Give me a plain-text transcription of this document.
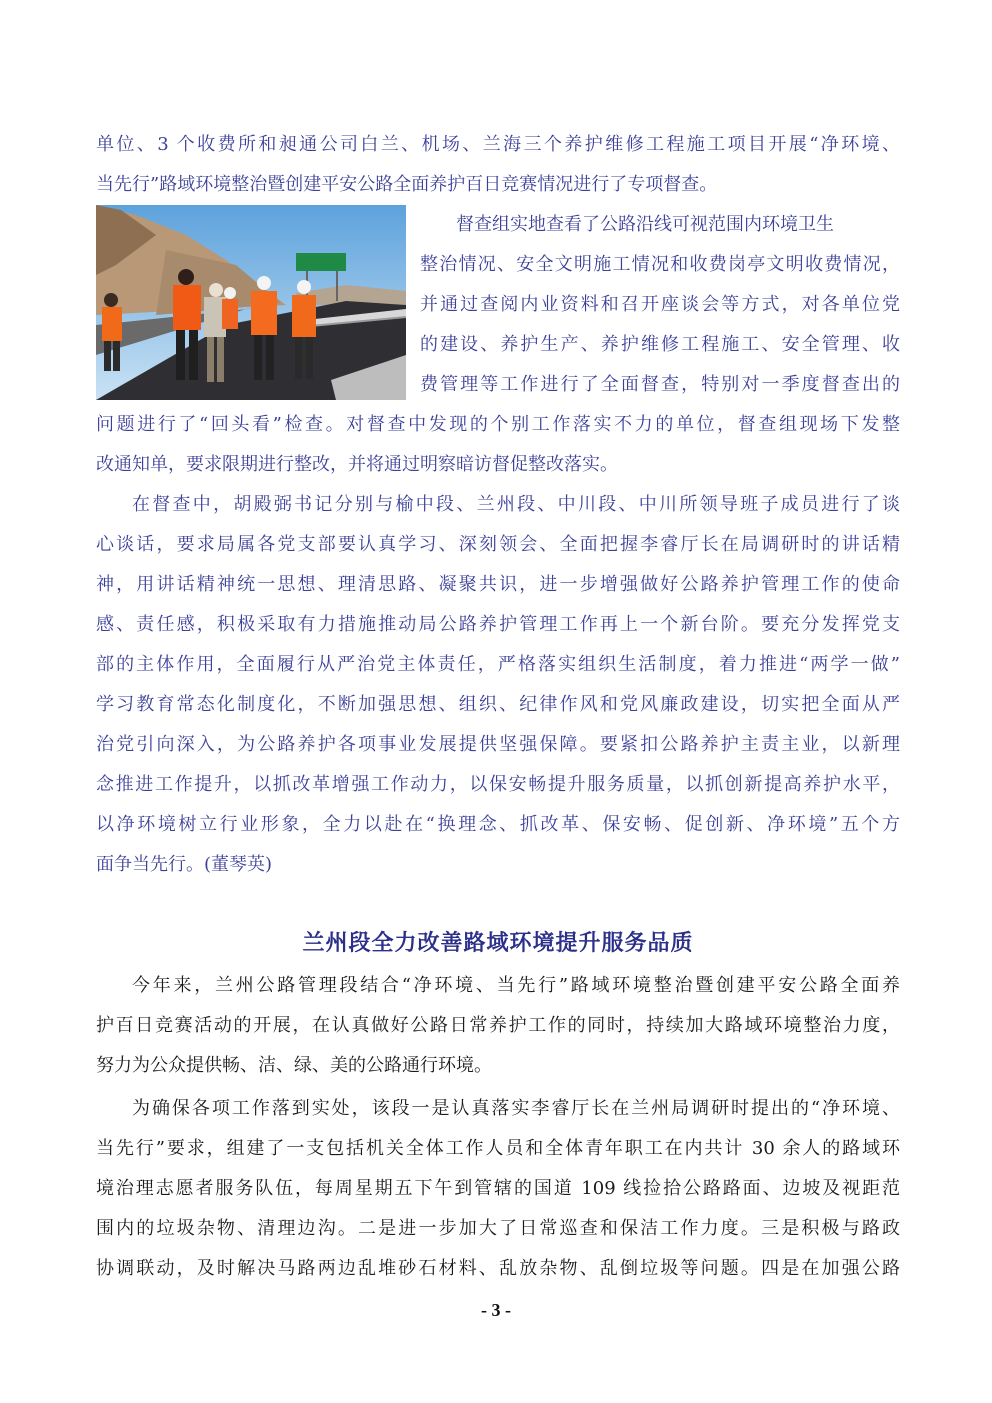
单位、3 个收费所和昶通公司白兰、机场、兰海三个养护维修工程施工项目开展“净环境、
当先行”路域环境整治暨创建平安公路全面养护百日竞赛情况进行了专项督查。
督查组实地查看了公路沿线可视范围内环境卫生
整治情况、安全文明施工情况和收费岗亭文明收费情况，
并通过查阅内业资料和召开座谈会等方式，对各单位党
的建设、养护生产、养护维修工程施工、安全管理、收
费管理等工作进行了全面督查，特别对一季度督查出的
问题进行了“回头看”检查。对督查中发现的个别工作落实不力的单位，督查组现场下发整
改通知单，要求限期进行整改，并将通过明察暗访督促整改落实。
在督查中，胡殿弼书记分别与榆中段、兰州段、中川段、中川所领导班子成员进行了谈
心谈话，要求局属各党支部要认真学习、深刻领会、全面把握李睿厅长在局调研时的讲话精
神，用讲话精神统一思想、理清思路、凝聚共识，进一步增强做好公路养护管理工作的使命
感、责任感，积极采取有力措施推动局公路养护管理工作再上一个新台阶。要充分发挥党支
部的主体作用，全面履行从严治党主体责任，严格落实组织生活制度，着力推进“两学一做”
学习教育常态化制度化，不断加强思想、组织、纪律作风和党风廉政建设，切实把全面从严
治党引向深入，为公路养护各项事业发展提供坚强保障。要紧扣公路养护主责主业，以新理
念推进工作提升，以抓改革增强工作动力，以保安畅提升服务质量，以抓创新提高养护水平，
以净环境树立行业形象，全力以赴在“换理念、抓改革、保安畅、促创新、净环境”五个方
面争当先行。(董琴英)
兰州段全力改善路域环境提升服务品质
今年来，兰州公路管理段结合“净环境、当先行”路域环境整治暨创建平安公路全面养
护百日竞赛活动的开展，在认真做好公路日常养护工作的同时，持续加大路域环境整治力度，
努力为公众提供畅、洁、绿、美的公路通行环境。
为确保各项工作落到实处，该段一是认真落实李睿厅长在兰州局调研时提出的“净环境、
当先行”要求，组建了一支包括机关全体工作人员和全体青年职工在内共计 30 余人的路域环
境治理志愿者服务队伍，每周星期五下午到管辖的国道 109 线捡拾公路路面、边坡及视距范
围内的垃圾杂物、清理边沟。二是进一步加大了日常巡查和保洁工作力度。三是积极与路政
协调联动，及时解决马路两边乱堆砂石材料、乱放杂物、乱倒垃圾等问题。四是在加强公路
- 3 -
